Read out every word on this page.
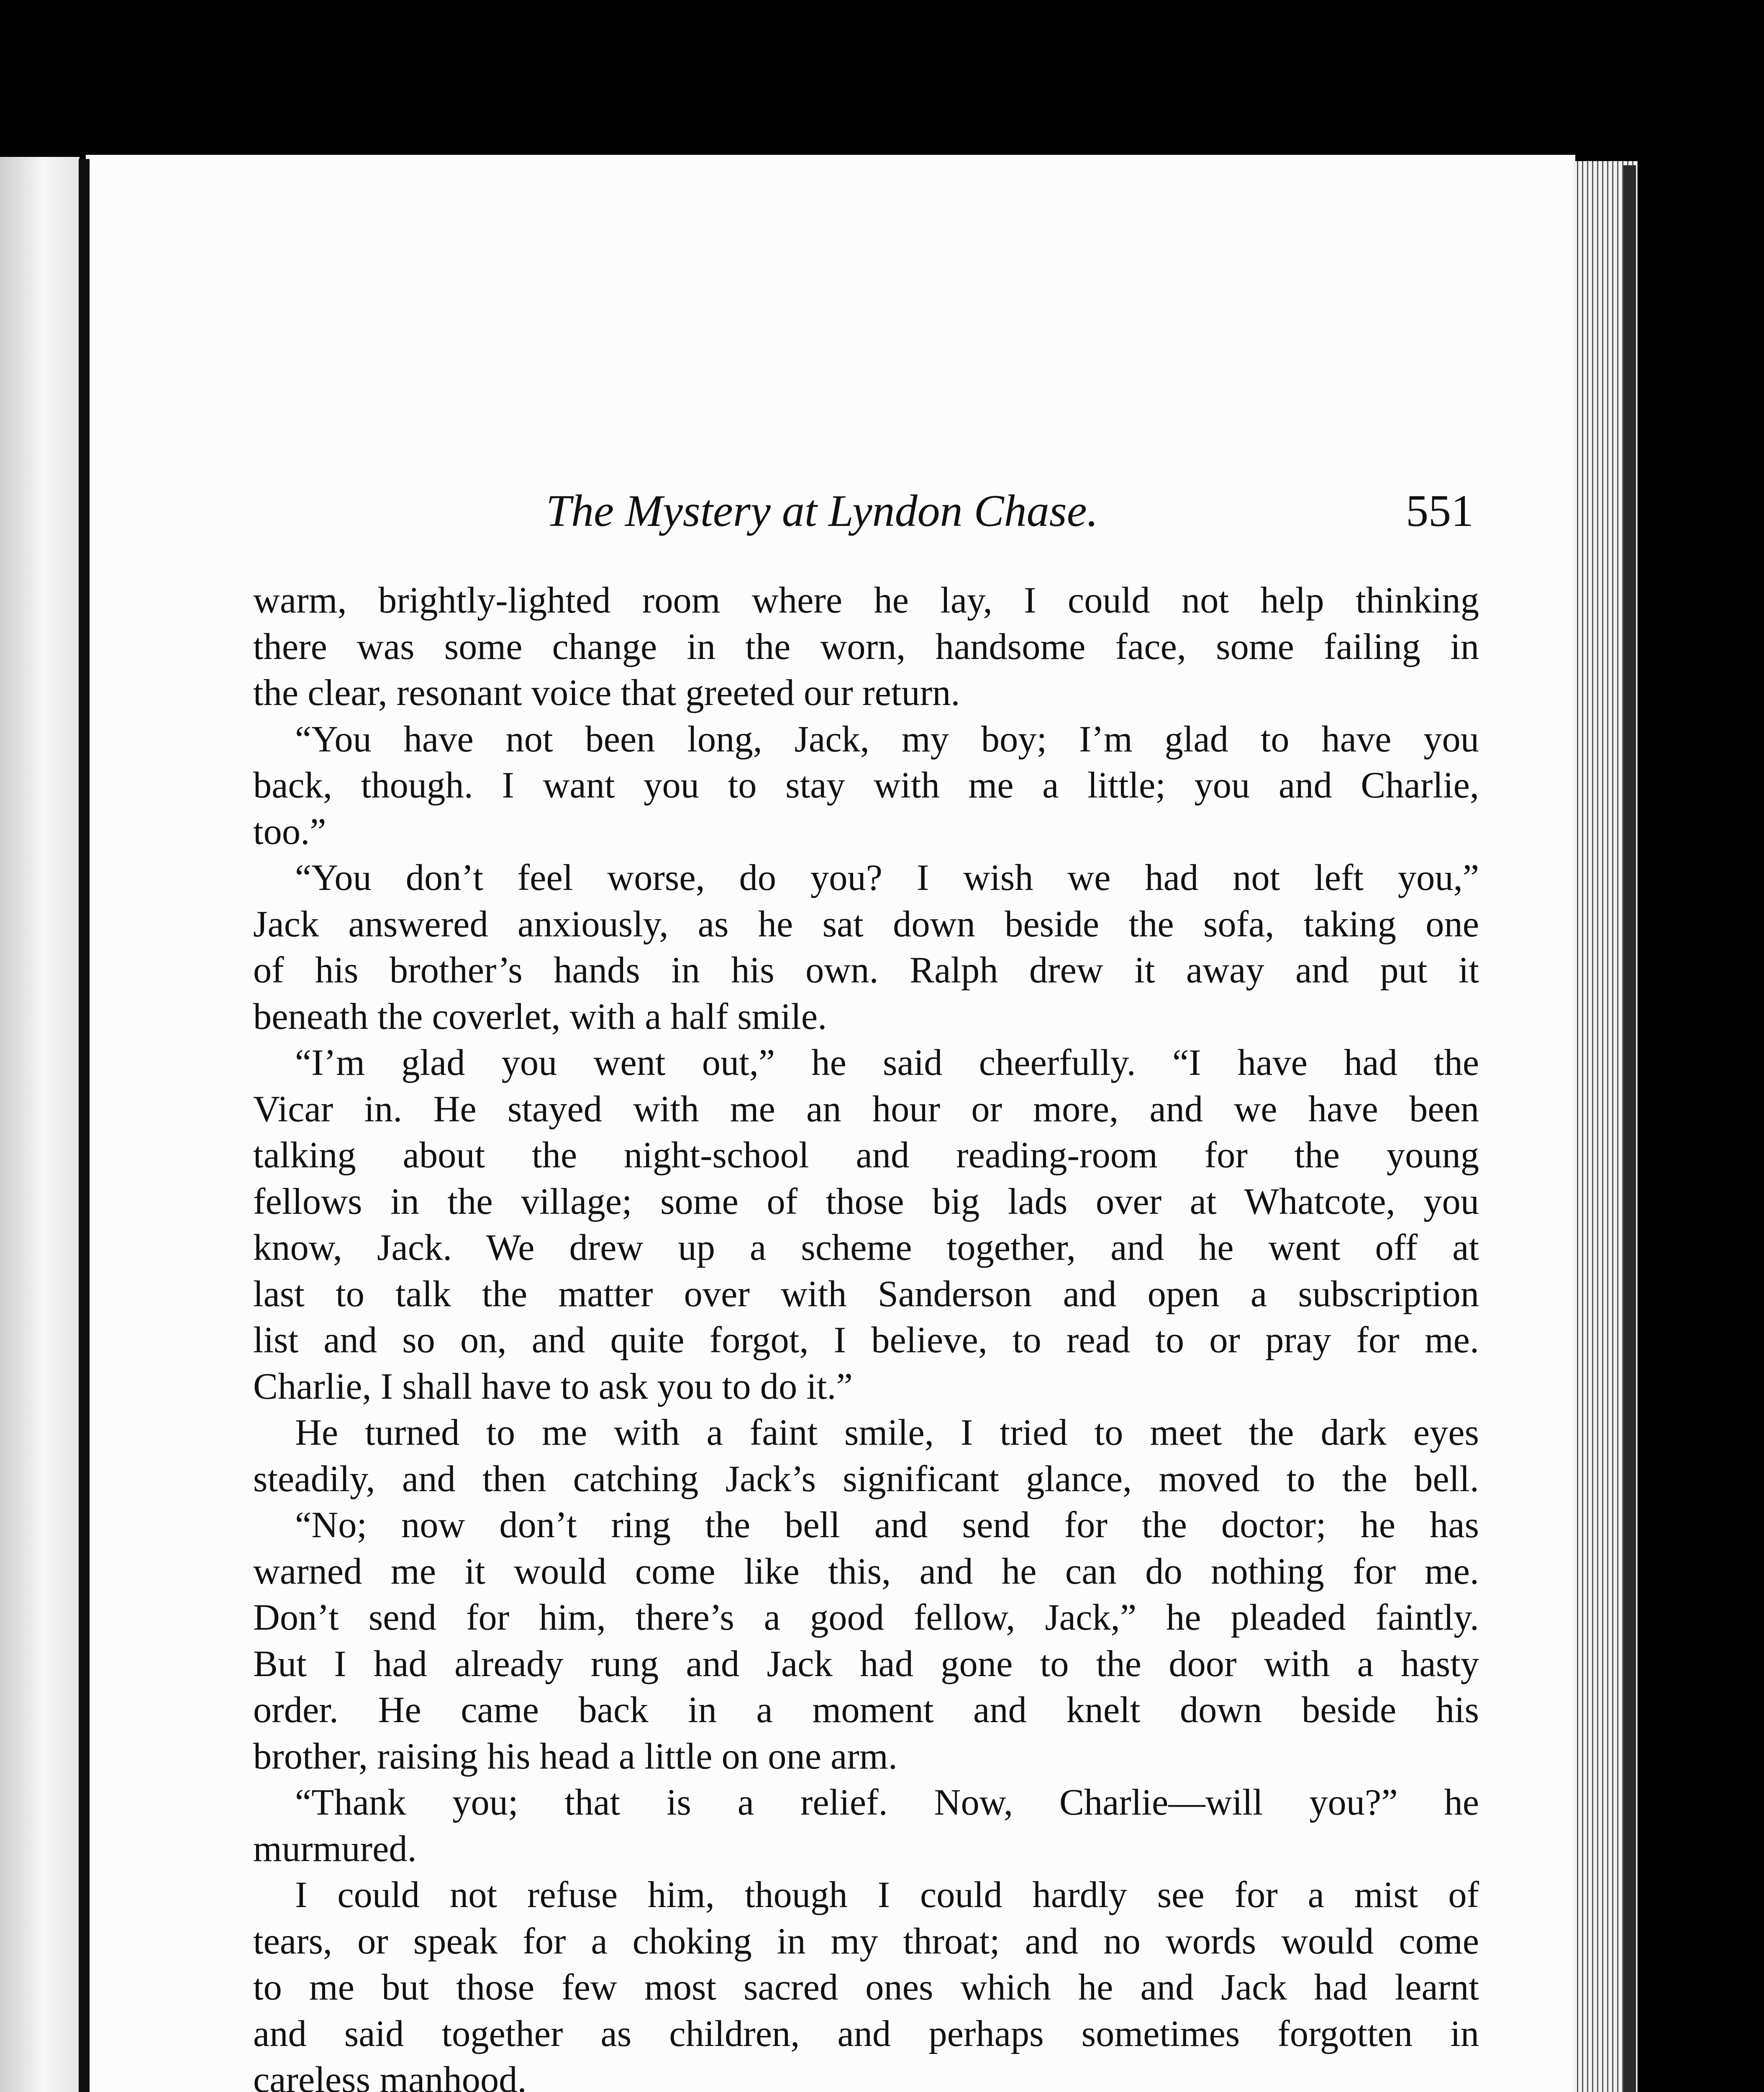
The Mystery at Lyndon Chase.	551
warm, brightly-lighted room where he lay, I could not help thinking
there was some change in the worn, handsome face, some failing in
the clear, resonant voice that greeted our return.
“You have not been long, Jack, my boy; I’m glad to have you
back, though. I want you to stay with me a little; you and Charlie,
too.”
“You don’t feel worse, do you? I wish we had not left you,”
Jack answered anxiously, as he sat down beside the sofa, taking one
of his brother’s hands in his own. Ralph drew it away and put it
beneath the coverlet, with a half smile.
“I’m glad you went out,” he said cheerfully. “I have had the
Vicar in. He stayed with me an hour or more, and we have been
talking about the night-school and reading-room for the young
fellows in the village; some of those big lads over at Whatcote, you
know, Jack. We drew up a scheme together, and he went off at
last to talk the matter over with Sanderson and open a subscription
list and so on, and quite forgot, I believe, to read to or pray for me.
Charlie, I shall have to ask you to do it.”
He turned to me with a faint smile, I tried to meet the dark eyes
steadily, and then catching Jack’s significant glance, moved to the bell.
“No; now don’t ring the bell and send for the doctor; he has
warned me it would come like this, and he can do nothing for me.
Don’t send for him, there’s a good fellow, Jack,” he pleaded faintly.
But I had already rung and Jack had gone to the door with a hasty
order. He came back in a moment and knelt down beside his
brother, raising his head a little on one arm.
“Thank you; that is a relief. Now, Charlie—will you?” he
murmured.
I could not refuse him, though I could hardly see for a mist of
tears, or speak for a choking in my throat; and no words would come
to me but those few most sacred ones which he and Jack had learnt
and said together as children, and perhaps sometimes forgotten in
careless manhood.
